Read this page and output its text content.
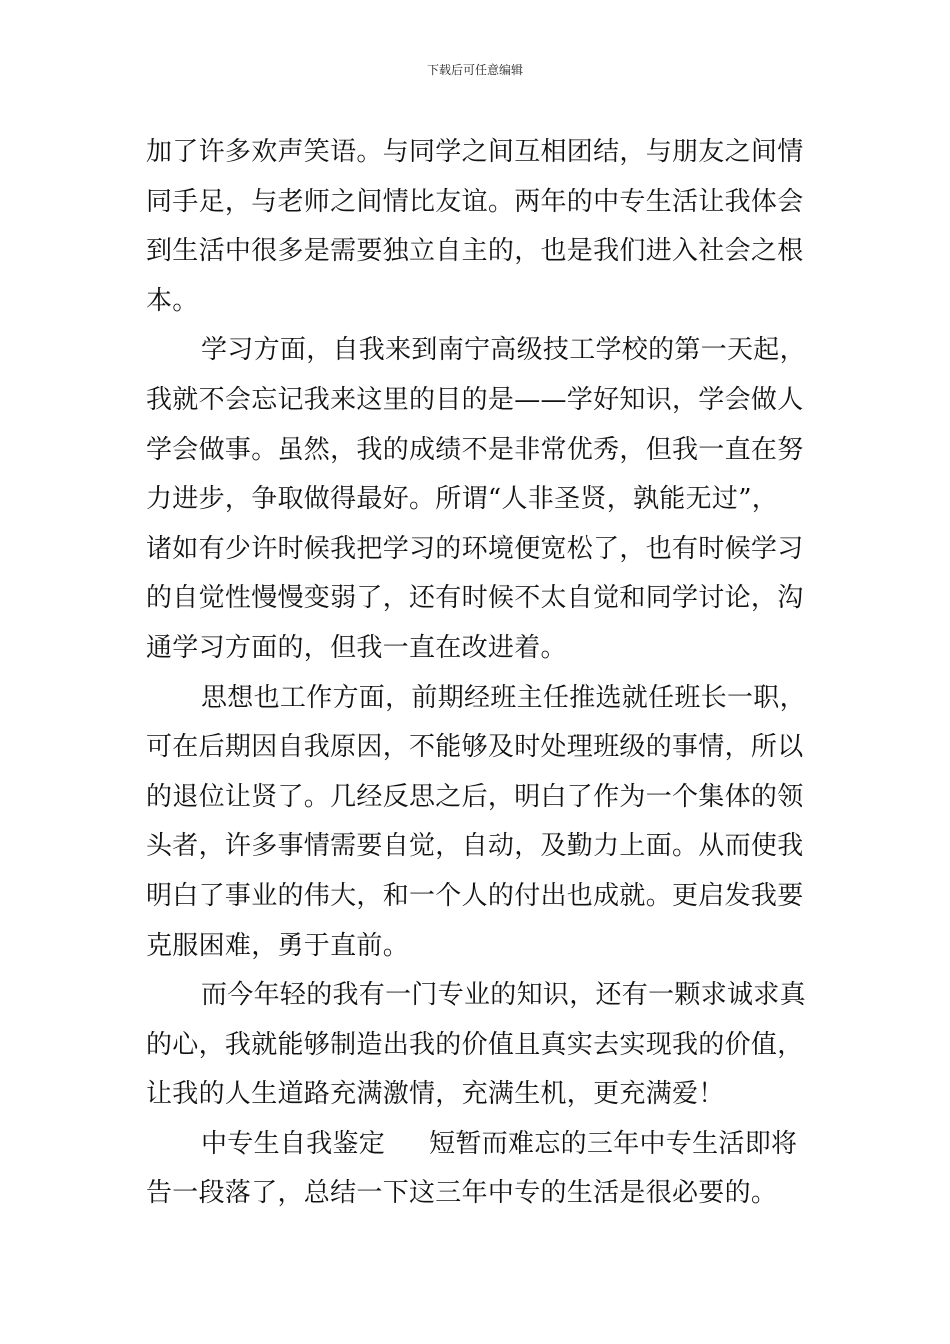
下载后可任意编辑

加了许多欢声笑语。与同学之间互相团结，与朋友之间情
同手足，与老师之间情比友谊。两年的中专生活让我体会
到生活中很多是需要独立自主的，也是我们进入社会之根
本。

学习方面，自我来到南宁高级技工学校的第一天起，
我就不会忘记我来这里的目的是——学好知识，学会做人
学会做事。虽然，我的成绩不是非常优秀，但我一直在努
力进步，争取做得最好。所谓“人非圣贤，孰能无过”，
诸如有少许时候我把学习的环境便宽松了，也有时候学习
的自觉性慢慢变弱了，还有时候不太自觉和同学讨论，沟
通学习方面的，但我一直在改进着。

思想也工作方面，前期经班主任推选就任班长一职，
可在后期因自我原因，不能够及时处理班级的事情，所以
的退位让贤了。几经反思之后，明白了作为一个集体的领
头者，许多事情需要自觉，自动，及勤力上面。从而使我
明白了事业的伟大，和一个人的付出也成就。更启发我要
克服困难，勇于直前。

而今年轻的我有一门专业的知识，还有一颗求诚求真
的心，我就能够制造出我的价值且真实去实现我的价值，
让我的人生道路充满激情，充满生机，更充满爱！

中专生自我鉴定 短暂而难忘的三年中专生活即将
告一段落了，总结一下这三年中专的生活是很必要的。
